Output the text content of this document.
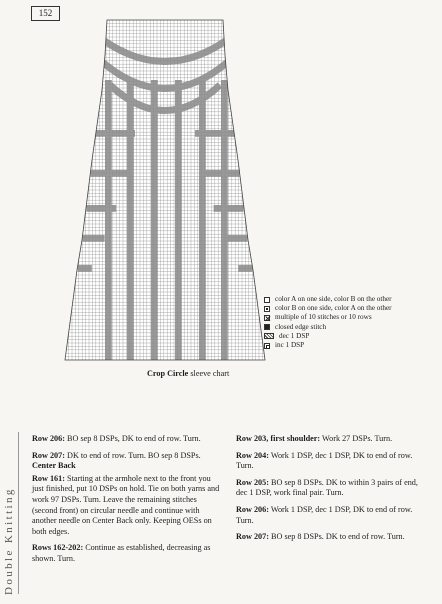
152
color A on one side, color B on the other
color B on one side, color A on the other
multiple of 10 stitches or 10 rows
closed edge stitch
dec 1 DSP
inc 1 DSP
Crop Circle sleeve chart
Double Knitting

Row 206: BO sep 8 DSPs, DK to end of row. Turn.

Row 207: DK to end of row. Turn. BO sep 8 DSPs.

Center Back

Row 161: Starting at the armhole next to the front you just finished, put 10 DSPs on hold. Tie on both yarns and work 97 DSPs. Turn. Leave the remaining stitches (second front) on circular needle and continue with another needle on Center Back only. Keeping OESs on both edges.

Rows 162-202: Continue as established, decreasing as shown. Turn.

Row 203, first shoulder: Work 27 DSPs. Turn.

Row 204: Work 1 DSP, dec 1 DSP, DK to end of row. Turn.

Row 205: BO sep 8 DSPs. DK to within 3 pairs of end, dec 1 DSP, work final pair. Turn.

Row 206: Work 1 DSP, dec 1 DSP, DK to end of row. Turn.

Row 207: BO sep 8 DSPs. DK to end of row. Turn.
